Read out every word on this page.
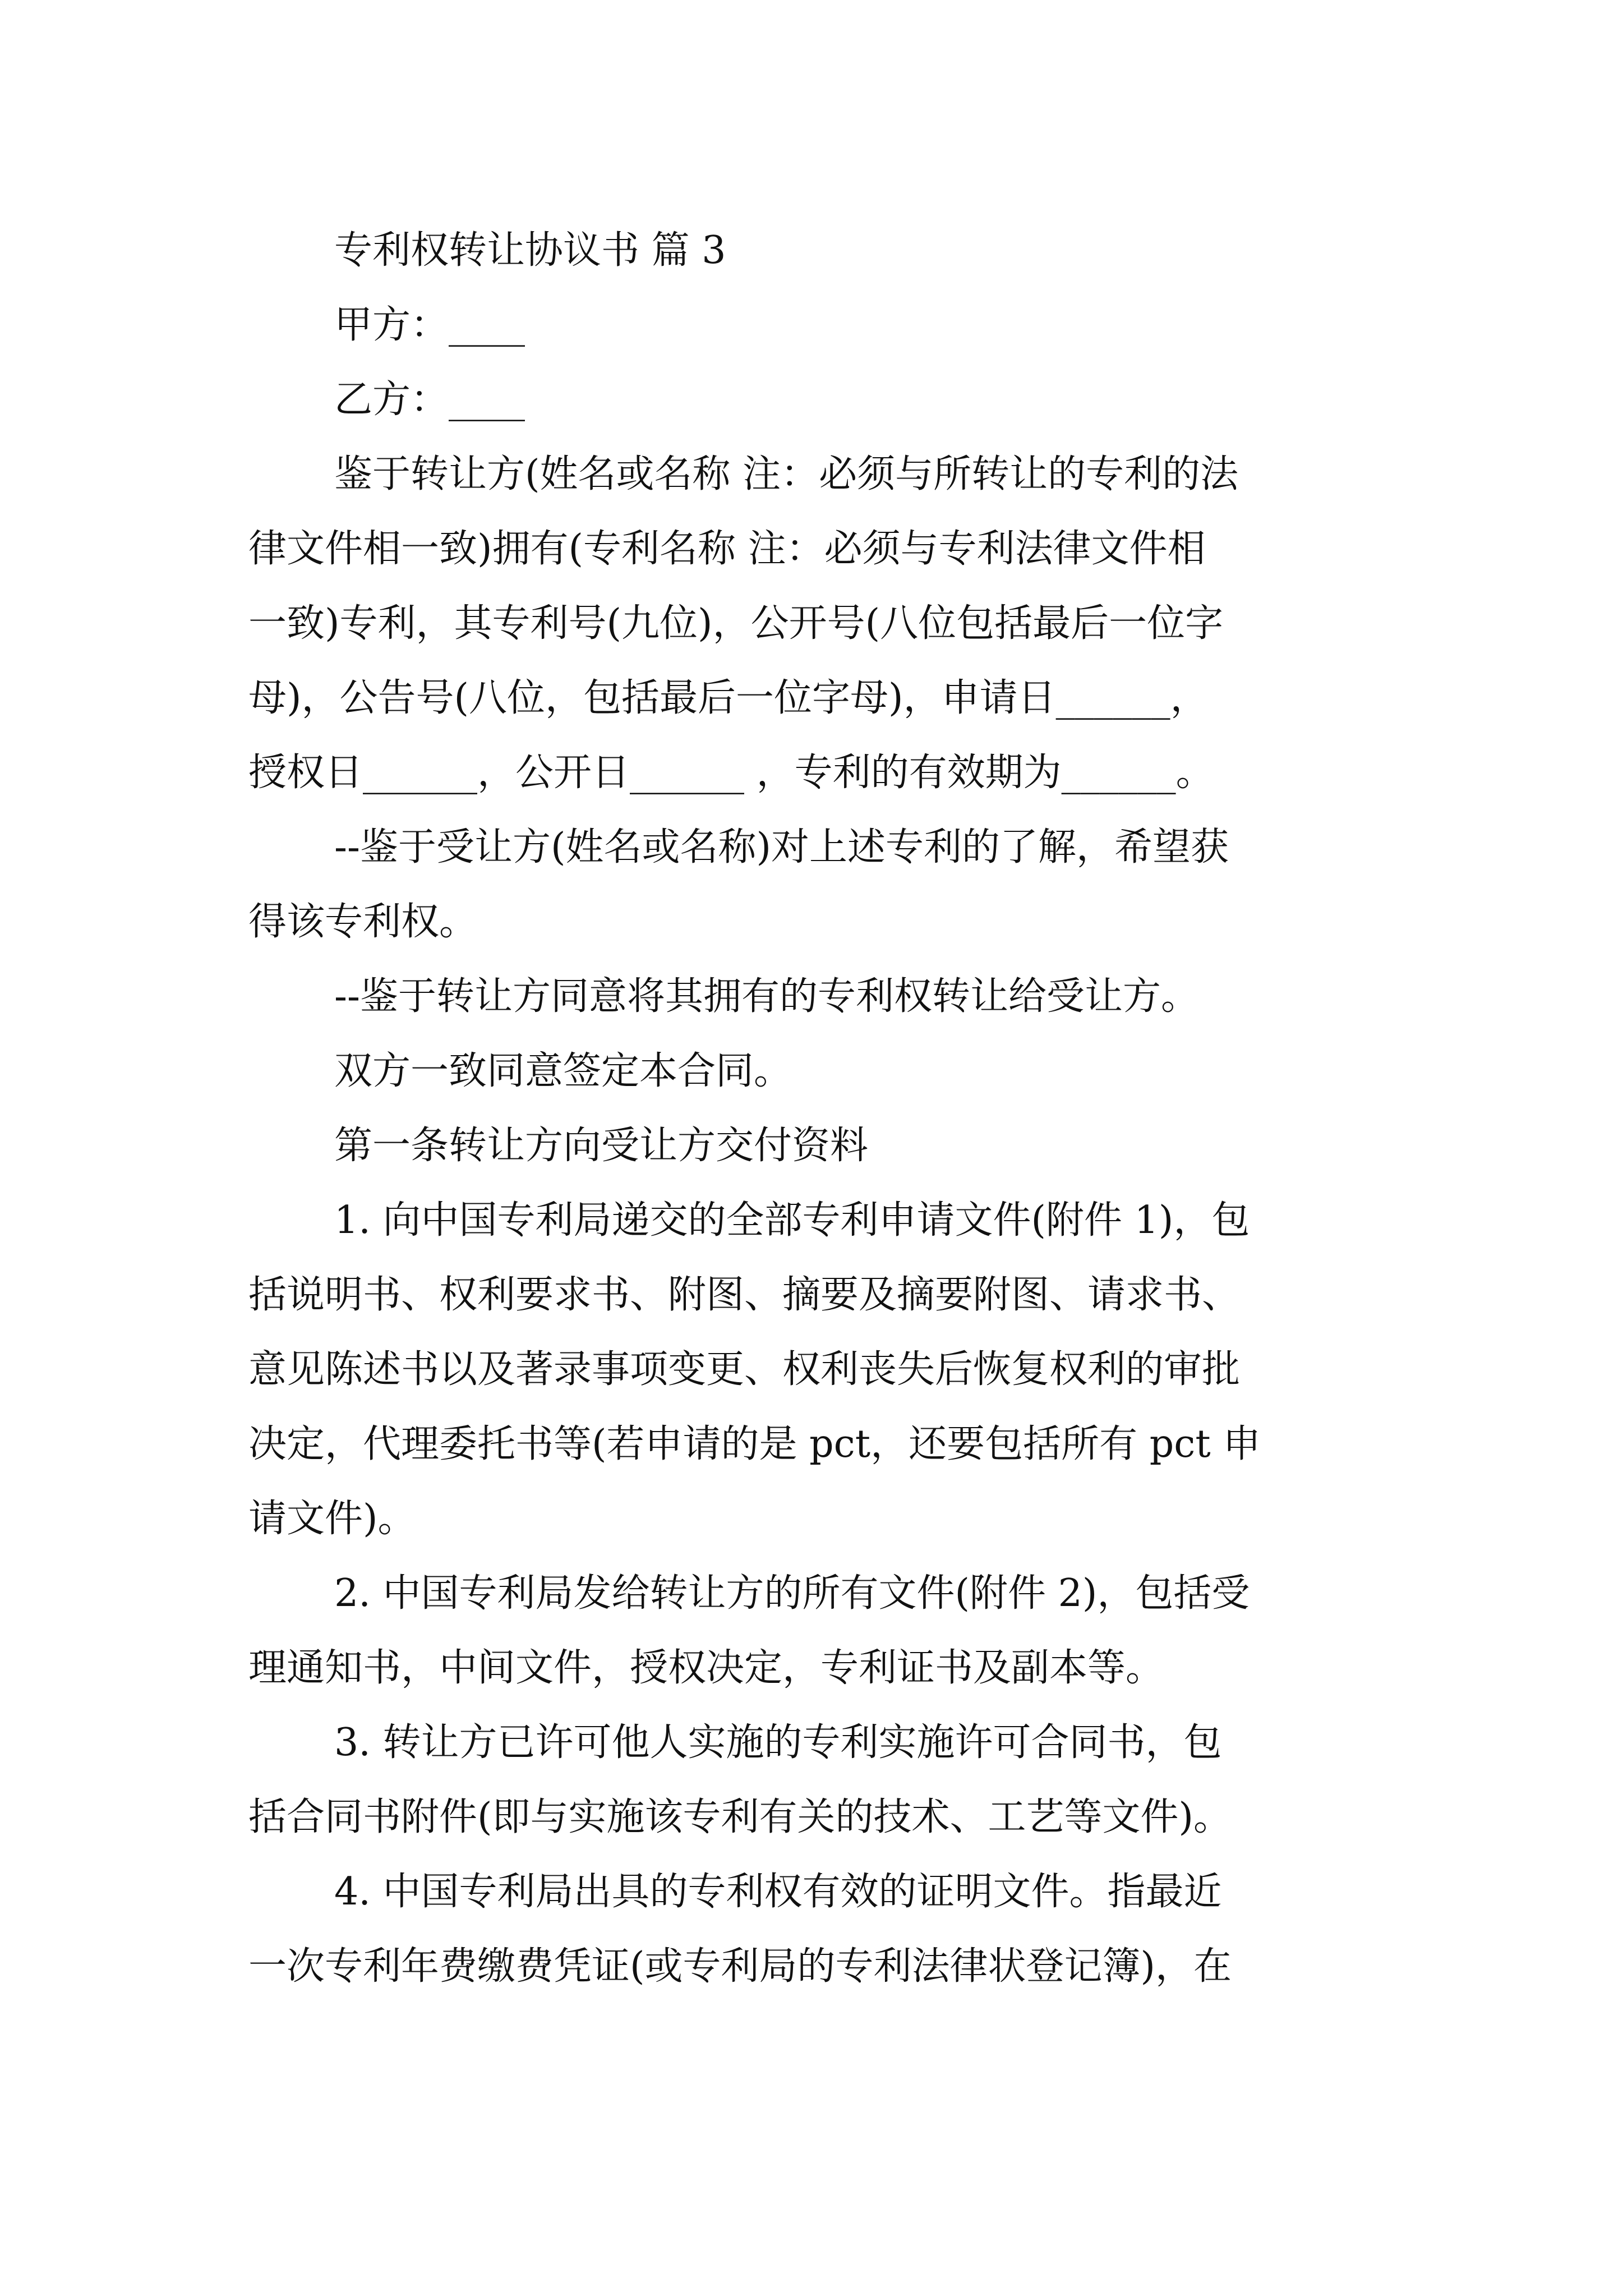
专利权转让协议书 篇 3
甲方：____
乙方：____
鉴于转让方(姓名或名称 注：必须与所转让的专利的法
律文件相一致)拥有(专利名称 注：必须与专利法律文件相
一致)专利，其专利号(九位)，公开号(八位包括最后一位字
母)，公告号(八位，包括最后一位字母)，申请日______，
授权日______，公开日______ ，专利的有效期为______。
--鉴于受让方(姓名或名称)对上述专利的了解，希望获
得该专利权。
--鉴于转让方同意将其拥有的专利权转让给受让方。
双方一致同意签定本合同。
第一条转让方向受让方交付资料
1. 向中国专利局递交的全部专利申请文件(附件 1)，包
括说明书、权利要求书、附图、摘要及摘要附图、请求书、
意见陈述书以及著录事项变更、权利丧失后恢复权利的审批
决定，代理委托书等(若申请的是 pct，还要包括所有 pct 申
请文件)。
2. 中国专利局发给转让方的所有文件(附件 2)，包括受
理通知书，中间文件，授权决定，专利证书及副本等。
3. 转让方已许可他人实施的专利实施许可合同书，包
括合同书附件(即与实施该专利有关的技术、工艺等文件)。
4. 中国专利局出具的专利权有效的证明文件。指最近
一次专利年费缴费凭证(或专利局的专利法律状登记簿)，在
